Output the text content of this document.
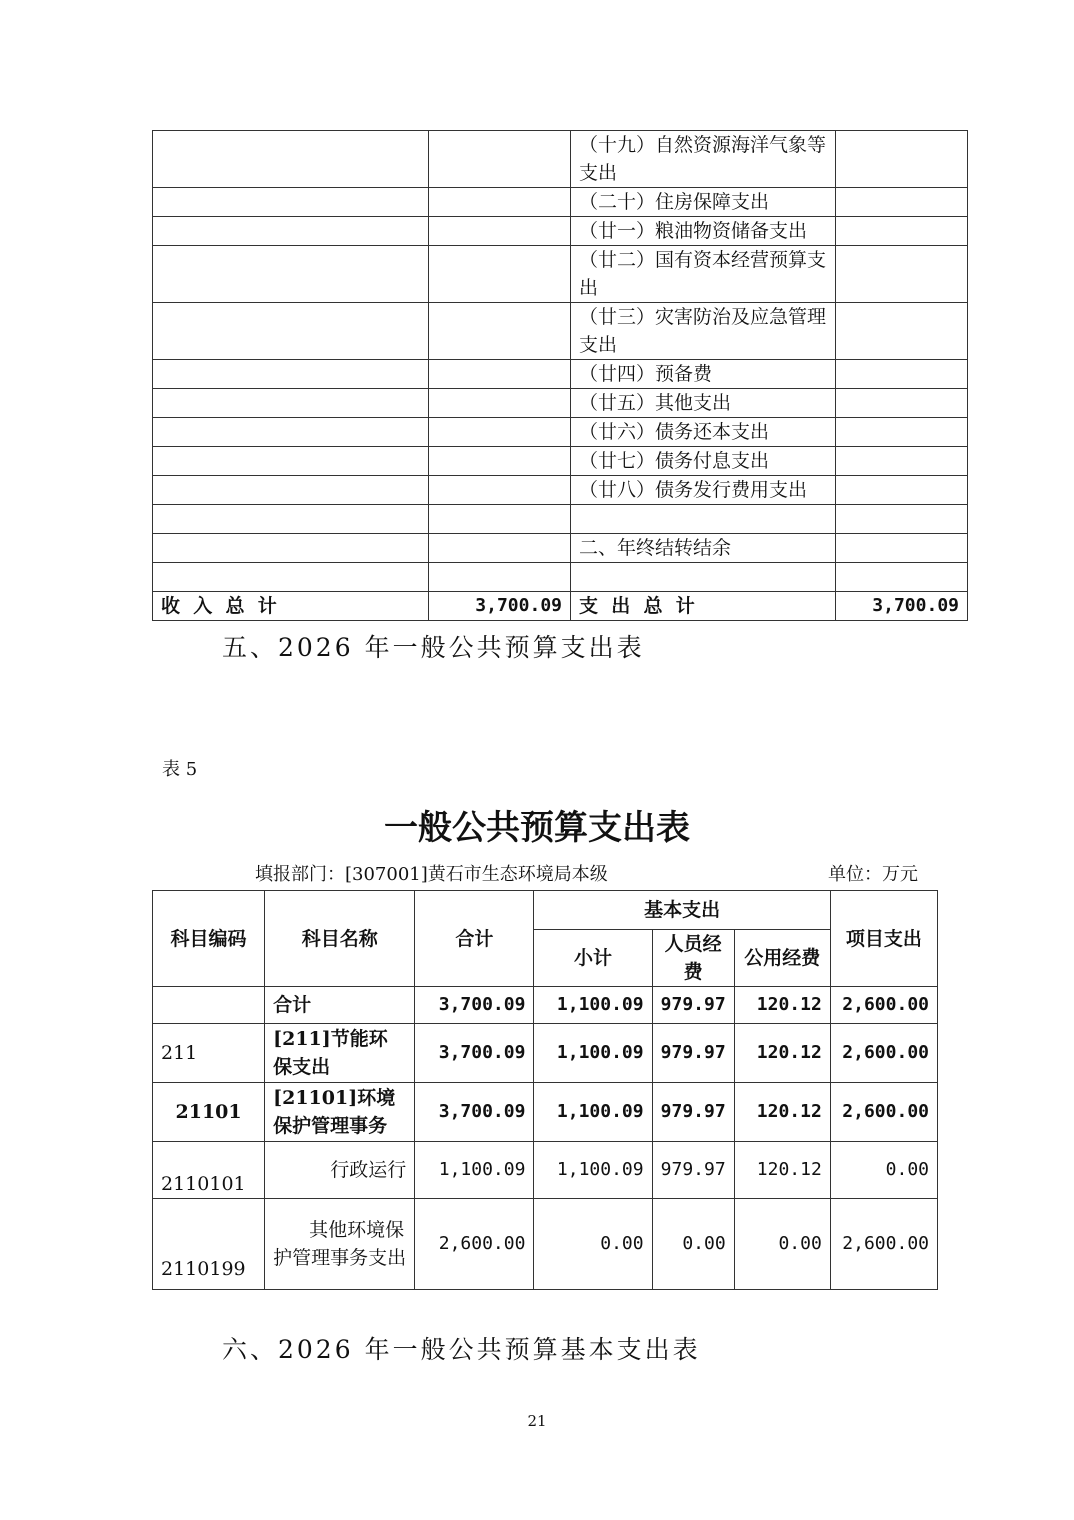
		（十九）自然资源海洋气象等支出	
		（二十）住房保障支出	
		（廿一）粮油物资储备支出	
		（廿二）国有资本经营预算支出	
		（廿三）灾害防治及应急管理支出	
		（廿四）预备费	
		（廿五）其他支出	
		（廿六）债务还本支出	
		（廿七）债务付息支出	
		（廿八）债务发行费用支出	

		二、年终结转结余	

收  入  总  计	3,700.09	支  出  总  计	3,700.09
五、2026 年一般公共预算支出表
表 5
一般公共预算支出表
填报部门：[307001]黄石市生态环境局本级	单位：万元
科目编码	科目名称	合计	基本支出			项目支出
			小计	人员经费	公用经费	
	合计	3,700.09	1,100.09	979.97	120.12	2,600.00
211	[211]节能环保支出	3,700.09	1,100.09	979.97	120.12	2,600.00
21101	[21101]环境保护管理事务	3,700.09	1,100.09	979.97	120.12	2,600.00
2110101	行政运行	1,100.09	1,100.09	979.97	120.12	0.00
2110199	其他环境保护管理事务支出	2,600.00	0.00	0.00	0.00	2,600.00
六、2026 年一般公共预算基本支出表
21
